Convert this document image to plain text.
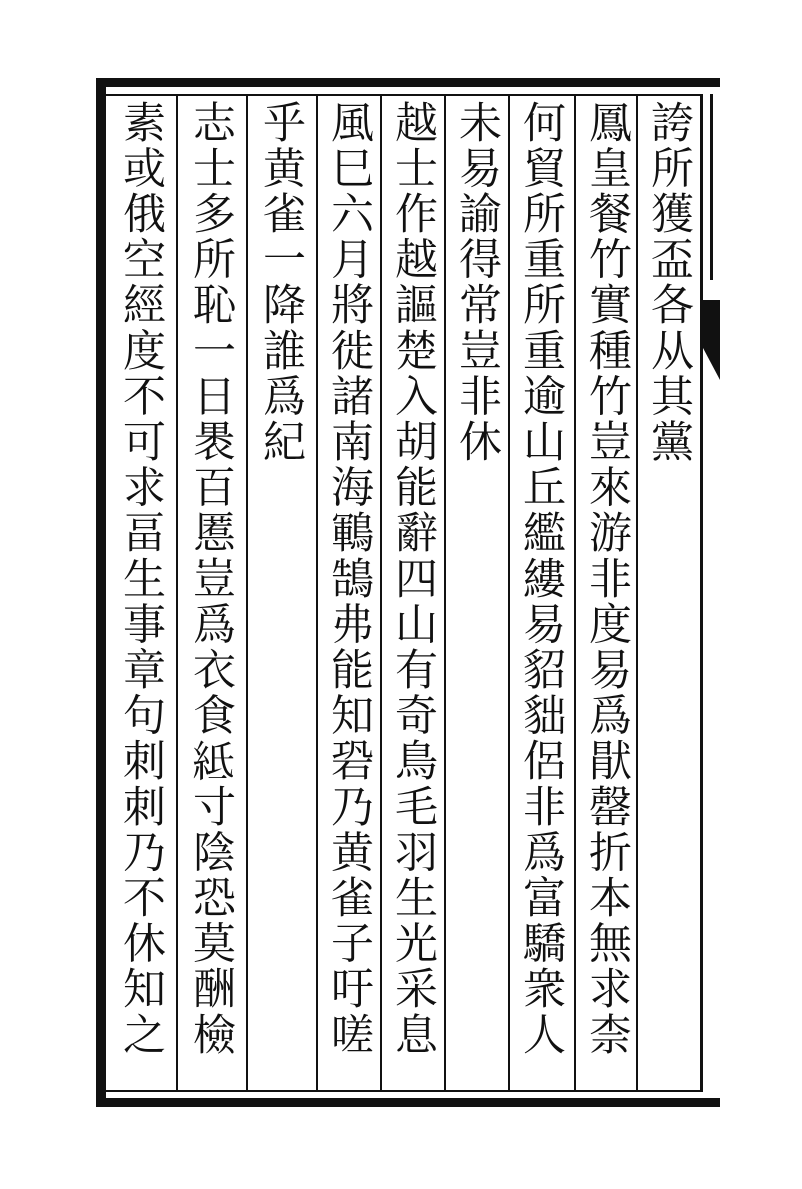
誇所獲盃各从其黨
鳳皇餐竹實種竹豈來游非度易爲猒罄折本無求柰
何貿所重所重逾山丘繿縷易貂貀侶非爲富驕衆人
未易諭得常豈非休
越士作越謳楚入胡能辭四山有奇鳥毛羽生光采息
風巳六月將徙諸南海鶤鵠弗能知䂬乃黄雀子吁嗟
乎黄雀一降誰爲紀
志士多所恥一日褁百慝豈爲衣食𥿄寸陰恐莫酬檢
素或俄空經度不可求畐生事章句刺刺乃不休知之
